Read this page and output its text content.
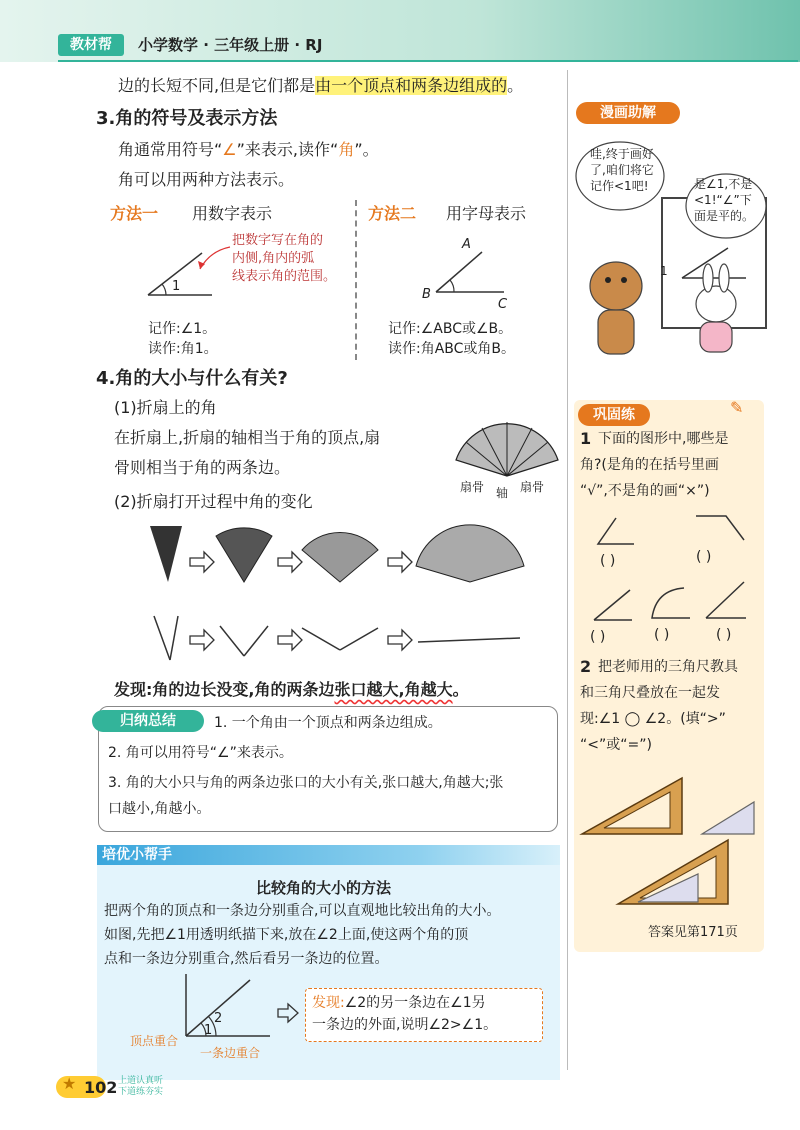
教材帮	小学数学 · 三年级上册 · RJ
边的长短不同,但是它们都是由一个顶点和两条边组成的。
3.角的符号及表示方法
角通常用符号“∠”来表示,读作“角”。
角可以用两种方法表示。
方法一 用数字表示
1
把数字写在角的
内侧,角内的弧
线表示角的范围。
记作:∠1。
读作:角1。
方法二 用字母表示
A
B
C
记作:∠ABC或∠B。
读作:角ABC或角B。
漫画助解
哇,终于画好
了,咱们将它
记作<1吧!	是∠1,不是
<1!“∠”下
面是平的。
1
4.角的大小与什么有关?
(1)折扇上的角
在折扇上,折扇的轴相当于角的顶点,扇
骨则相当于角的两条边。
扇骨 轴 扇骨
(2)折扇打开过程中角的变化
发现:角的边长没变,角的两条边张口越大,角越大。
归纳总结	1. 一个角由一个顶点和两条边组成。
2. 角可以用符号“∠”来表示。
3. 角的大小只与角的两条边张口的大小有关,张口越大,角越大;张
口越小,角越小。
培优小帮手
比较角的大小的方法
把两个角的顶点和一条边分别重合,可以直观地比较出角的大小。
如图,先把∠1用透明纸描下来,放在∠2上面,使这两个角的顶
点和一条边分别重合,然后看另一条边的位置。
1
2
顶点重合
一条边重合
发现:∠2的另一条边在∠1另
一条边的外面,说明∠2>∠1。
巩固练	✎
1 下面的图形中,哪些是
角?(是角的在括号里画
“√”,不是角的画“×”)
( )	( )
( )	( )	( )
2 把老师用的三角尺教具
和三角尺叠放在一起发
现:∠1 ◯ ∠2。(填“>”
“<”或“=”)
答案见第171页
★ 102 上道认真听
下道练夯实
